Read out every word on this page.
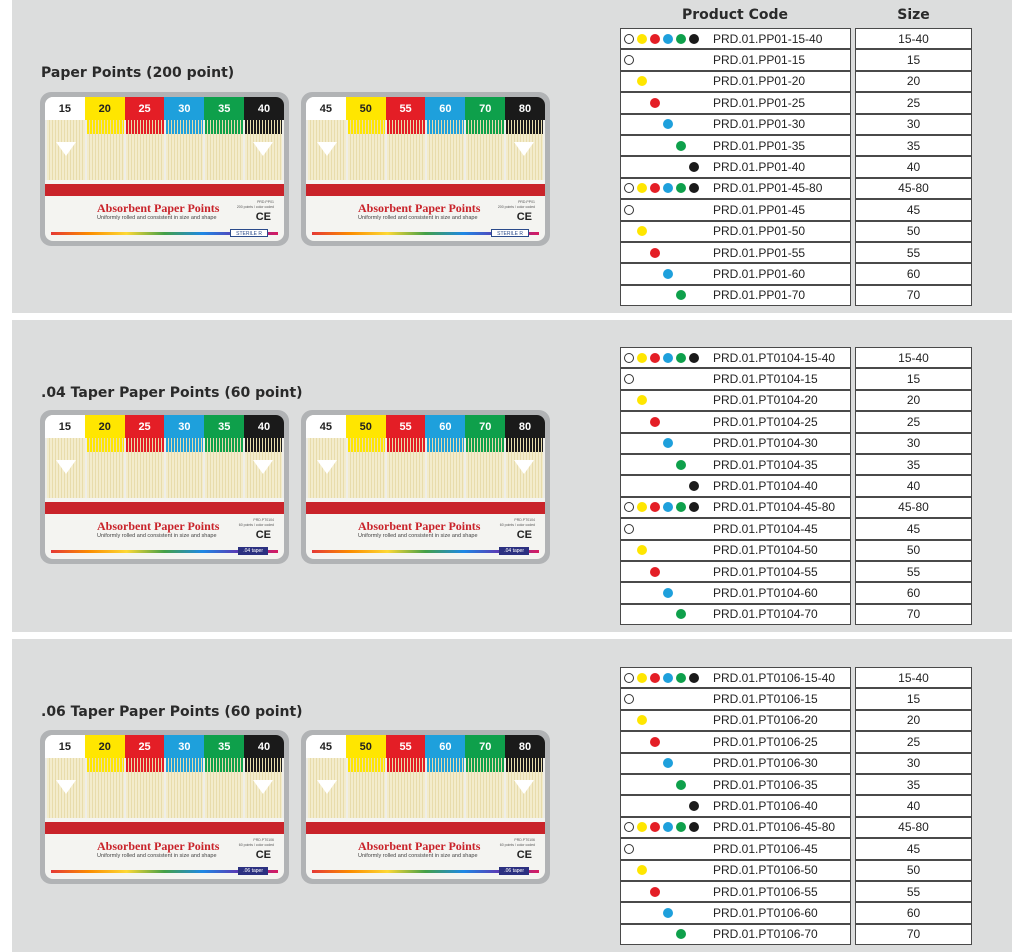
Product Code	Size
Paper Points (200 point)
15	20	25	30	35	40
Absorbent Paper Points
Uniformly rolled and consistent in size and shape
PRD.PP01
200 points / color coded
CE
STERILE R
45	50	55	60	70	80
Absorbent Paper Points
Uniformly rolled and consistent in size and shape
PRD.PP01
200 points / color coded
CE
STERILE R
PRD.01.PP01-15-40	15-40
PRD.01.PP01-15	15
PRD.01.PP01-20	20
PRD.01.PP01-25	25
PRD.01.PP01-30	30
PRD.01.PP01-35	35
PRD.01.PP01-40	40
PRD.01.PP01-45-80	45-80
PRD.01.PP01-45	45
PRD.01.PP01-50	50
PRD.01.PP01-55	55
PRD.01.PP01-60	60
PRD.01.PP01-70	70
.04 Taper Paper Points (60 point)
15	20	25	30	35	40
Absorbent Paper Points
Uniformly rolled and consistent in size and shape
PRD.PT0104
60 points / color coded
CE
.04 taper
45	50	55	60	70	80
Absorbent Paper Points
Uniformly rolled and consistent in size and shape
PRD.PT0104
60 points / color coded
CE
.04 taper
PRD.01.PT0104-15-40	15-40
PRD.01.PT0104-15	15
PRD.01.PT0104-20	20
PRD.01.PT0104-25	25
PRD.01.PT0104-30	30
PRD.01.PT0104-35	35
PRD.01.PT0104-40	40
PRD.01.PT0104-45-80	45-80
PRD.01.PT0104-45	45
PRD.01.PT0104-50	50
PRD.01.PT0104-55	55
PRD.01.PT0104-60	60
PRD.01.PT0104-70	70
.06 Taper Paper Points (60 point)
15	20	25	30	35	40
Absorbent Paper Points
Uniformly rolled and consistent in size and shape
PRD.PT0106
60 points / color coded
CE
.06 taper
45	50	55	60	70	80
Absorbent Paper Points
Uniformly rolled and consistent in size and shape
PRD.PT0106
60 points / color coded
CE
.06 taper
PRD.01.PT0106-15-40	15-40
PRD.01.PT0106-15	15
PRD.01.PT0106-20	20
PRD.01.PT0106-25	25
PRD.01.PT0106-30	30
PRD.01.PT0106-35	35
PRD.01.PT0106-40	40
PRD.01.PT0106-45-80	45-80
PRD.01.PT0106-45	45
PRD.01.PT0106-50	50
PRD.01.PT0106-55	55
PRD.01.PT0106-60	60
PRD.01.PT0106-70	70
